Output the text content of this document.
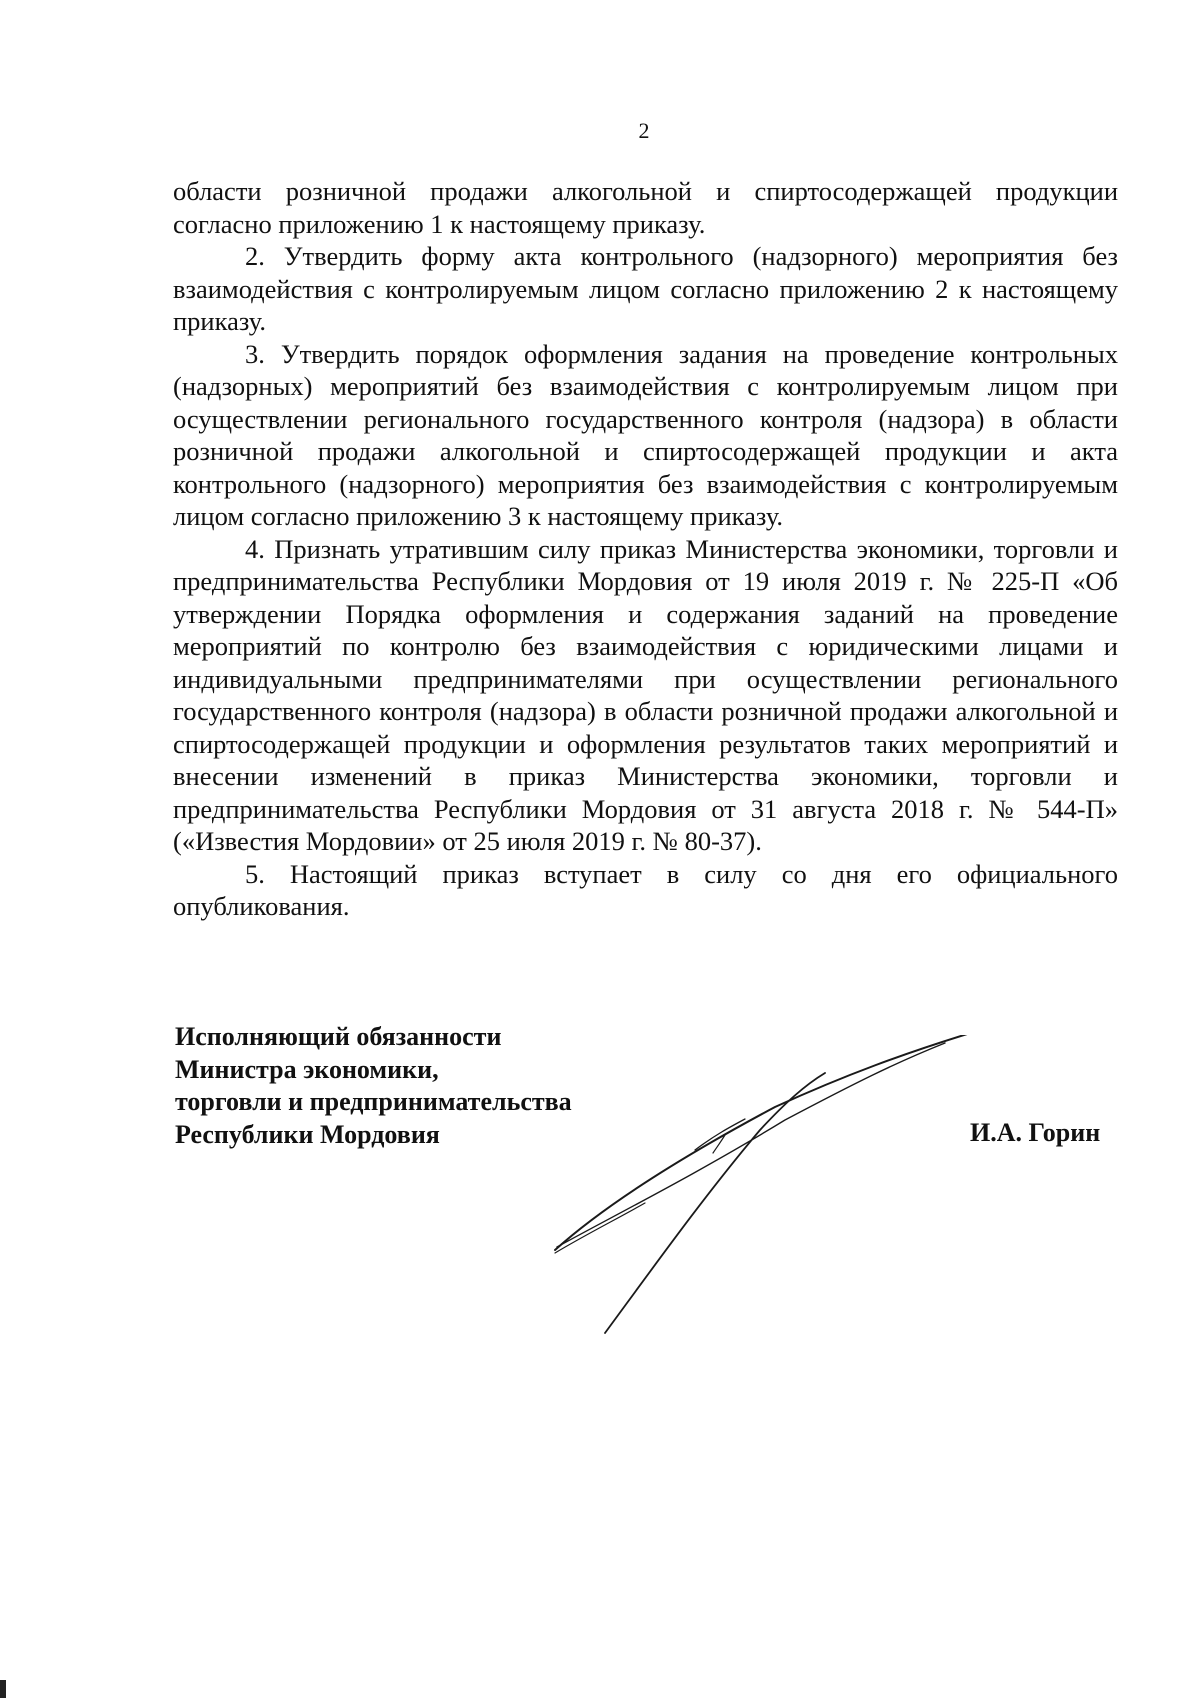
2

области розничной продажи алкогольной и спиртосодержащей продукции согласно приложению 1 к настоящему приказу.

2. Утвердить форму акта контрольного (надзорного) мероприятия без взаимодействия с контролируемым лицом согласно приложению 2 к настоящему приказу.

3. Утвердить порядок оформления задания на проведение контрольных (надзорных) мероприятий без взаимодействия с контролируемым лицом при осуществлении регионального государственного контроля (надзора) в области розничной продажи алкогольной и спиртосодержащей продукции и акта контрольного (надзорного) мероприятия без взаимодействия с контролируемым лицом согласно приложению 3 к настоящему приказу.

4. Признать утратившим силу приказ Министерства экономики, торговли и предпринимательства Республики Мордовия от 19 июля 2019 г. № 225-П «Об утверждении Порядка оформления и содержания заданий на проведение мероприятий по контролю без взаимодействия с юридическими лицами и индивидуальными предпринимателями при осуществлении регионального государственного контроля (надзора) в области розничной продажи алкогольной и спиртосодержащей продукции и оформления результатов таких мероприятий и внесении изменений в приказ Министерства экономики, торговли и предпринимательства Республики Мордовия от 31 августа 2018 г. № 544-П» («Известия Мордовии» от 25 июля 2019 г. № 80-37).

5. Настоящий приказ вступает в силу со дня его официального опубликования.

Исполняющий обязанности
Министра экономики,
торговли и предпринимательства
Республики Мордовия	И.А. Горин
